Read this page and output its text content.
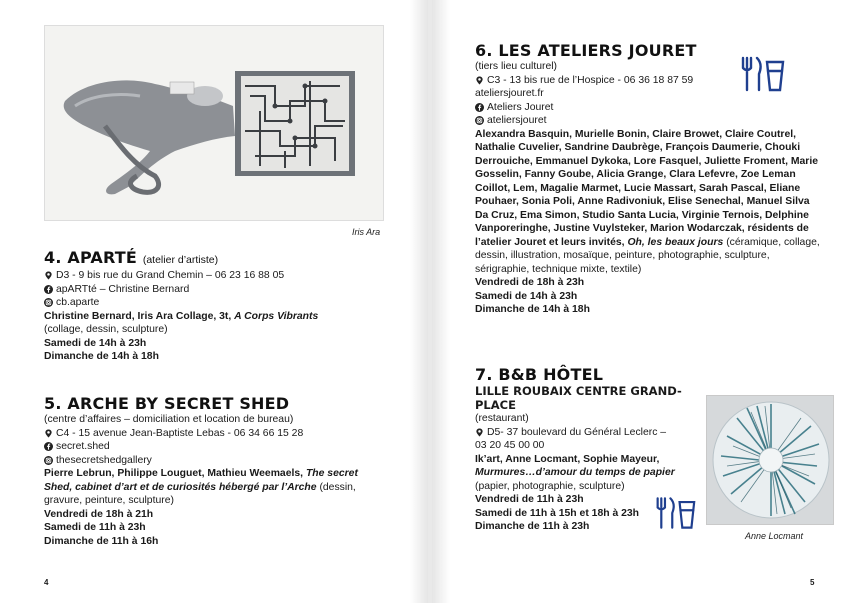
Iris Ara
4. APARTÉ (atelier d’artiste)
D3 - 9 bis rue du Grand Chemin – 06 23 16 88 05
apARTté – Christine Bernard
cb.aparte
Christine Bernard, Iris Ara Collage, 3t, A Corps Vibrants
(collage, dessin, sculpture)
Samedi de 14h à 23h
Dimanche de 14h à 18h
5. ARCHE BY SECRET SHED
(centre d’affaires – domiciliation et location de bureau)
C4 - 15 avenue Jean-Baptiste Lebas - 06 34 66 15 28
secret.shed
thesecretshedgallery
Pierre Lebrun, Philippe Louguet, Mathieu Weemaels, The secret Shed, cabinet d’art et de curiosités hébergé par l’Arche (dessin, gravure, peinture, sculpture)
Vendredi de 18h à 21h
Samedi de 11h à 23h
Dimanche de 11h à 16h
4
6. LES ATELIERS JOURET
(tiers lieu culturel)
C3 - 13 bis rue de l’Hospice - 06 36 18 87 59
ateliersjouret.fr
Ateliers Jouret
ateliersjouret
Alexandra Basquin, Murielle Bonin, Claire Browet, Claire Coutrel, Nathalie Cuvelier, Sandrine Daubrège, François Daumerie, Chouki Derrouiche, Emmanuel Dykoka, Lore Fasquel, Juliette Froment, Marie Gosselin, Fanny Goube, Alicia Grange, Clara Lefevre, Zoe Leman Coillot, Lem, Magalie Marmet, Lucie Massart, Sarah Pascal, Eliane Pouhaer, Sonia Poli, Anne Radivoniuk, Elise Senechal, Manuel Silva Da Cruz, Ema Simon, Studio Santa Lucia, Virginie Ternois, Delphine Vanporeringhe, Justine Vuylsteker, Marion Wodarczak, résidents de l’atelier Jouret et leurs invités, Oh, les beaux jours (céramique, collage, dessin, illustration, mosaïque, peinture, photographie, sculpture, sérigraphie, technique mixte, textile)
Vendredi de 18h à 23h
Samedi de 14h à 23h
Dimanche de 14h à 18h
7. B&B HÔTEL
LILLE ROUBAIX CENTRE GRAND-PLACE
(restaurant)
D5- 37 boulevard du Général Leclerc –
03 20 45 00 00
Ik’art, Anne Locmant, Sophie Mayeur, Murmures…d’amour du temps de papier
(papier, photographie, sculpture)
Vendredi de 11h à 23h
Samedi de 11h à 15h et 18h à 23h
Dimanche de 11h à 23h
Anne Locmant
5
